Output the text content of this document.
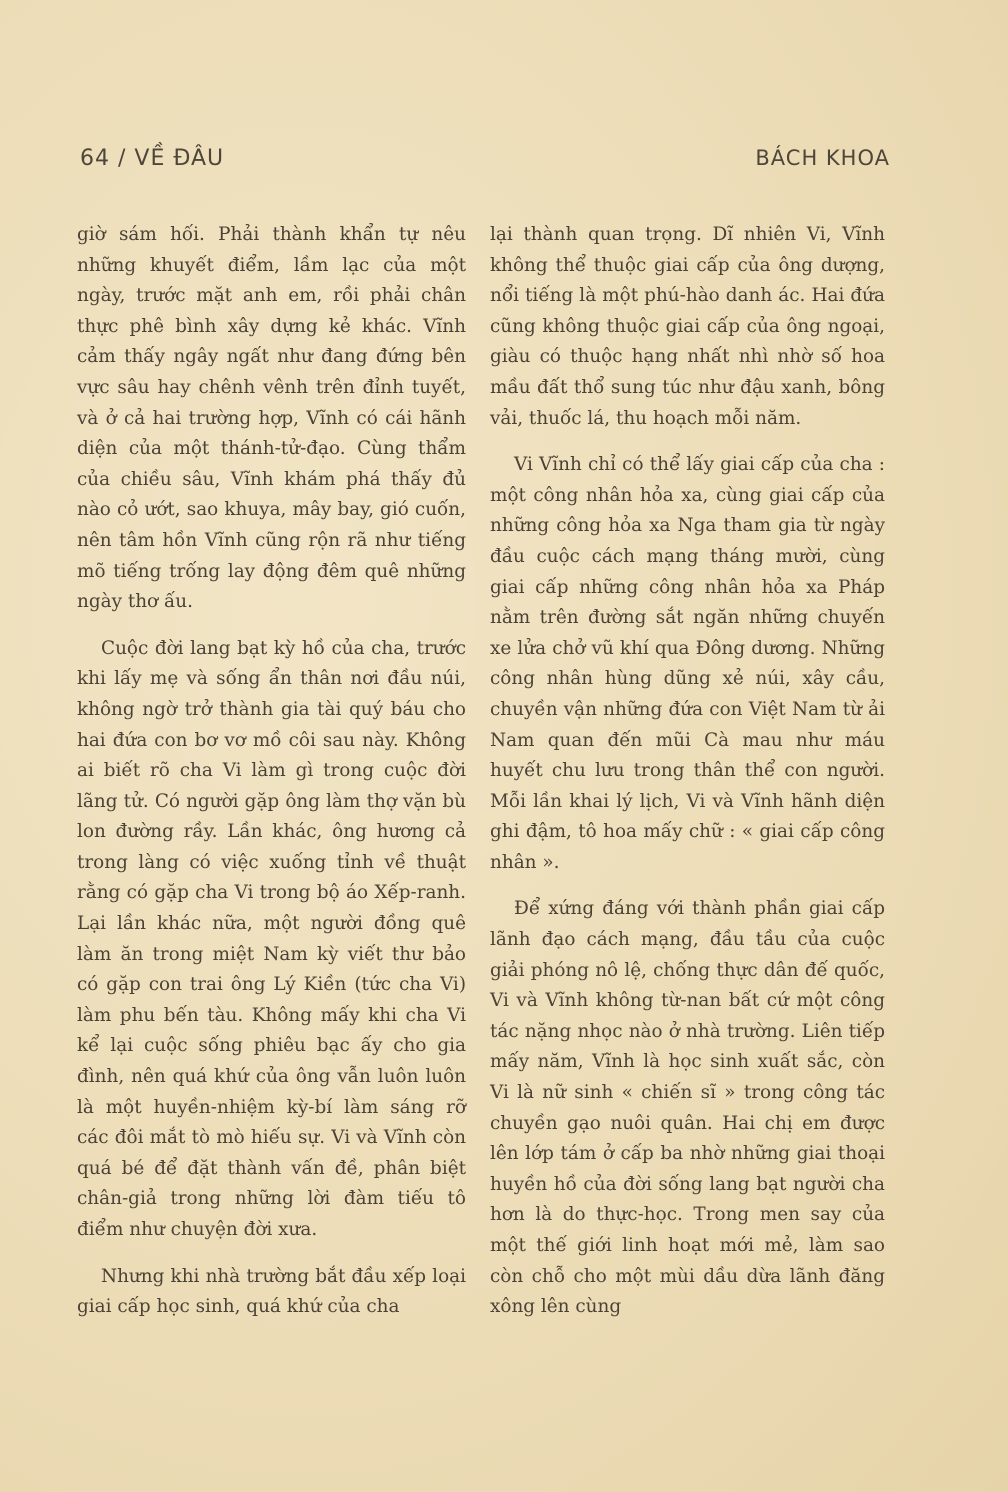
64 / VỀ ĐÂU	BÁCH KHOA

giờ sám hối. Phải thành khẩn tự nêu những khuyết điểm, lầm lạc của một ngày, trước mặt anh em, rồi phải chân thực phê bình xây dựng kẻ khác. Vĩnh cảm thấy ngây ngất như đang đứng bên vực sâu hay chênh vênh trên đỉnh tuyết, và ở cả hai trường hợp, Vĩnh có cái hãnh diện của một thánh-tử-đạo. Cùng thẩm của chiều sâu, Vĩnh khám phá thấy đủ nào cỏ ướt, sao khuya, mây bay, gió cuốn, nên tâm hồn Vĩnh cũng rộn rã như tiếng mõ tiếng trống lay động đêm quê những ngày thơ ấu.

Cuộc đời lang bạt kỳ hồ của cha, trước khi lấy mẹ và sống ẩn thân nơi đầu núi, không ngờ trở thành gia tài quý báu cho hai đứa con bơ vơ mồ côi sau này. Không ai biết rõ cha Vi làm gì trong cuộc đời lãng tử. Có người gặp ông làm thợ vặn bù lon đường rầy. Lần khác, ông hương cả trong làng có việc xuống tỉnh về thuật rằng có gặp cha Vi trong bộ áo Xếp-ranh. Lại lần khác nữa, một người đồng quê làm ăn trong miệt Nam kỳ viết thư bảo có gặp con trai ông Lý Kiền (tức cha Vi) làm phu bến tàu. Không mấy khi cha Vi kể lại cuộc sống phiêu bạc ấy cho gia đình, nên quá khứ của ông vẫn luôn luôn là một huyền-nhiệm kỳ-bí làm sáng rỡ các đôi mắt tò mò hiếu sự. Vi và Vĩnh còn quá bé để đặt thành vấn đề, phân biệt chân-giả trong những lời đàm tiếu tô điểm như chuyện đời xưa.

Nhưng khi nhà trường bắt đầu xếp loại giai cấp học sinh, quá khứ của cha

lại thành quan trọng. Dĩ nhiên Vi, Vĩnh không thể thuộc giai cấp của ông dượng, nổi tiếng là một phú-hào danh ác. Hai đứa cũng không thuộc giai cấp của ông ngoại, giàu có thuộc hạng nhất nhì nhờ số hoa mầu đất thổ sung túc như đậu xanh, bông vải, thuốc lá, thu hoạch mỗi năm.

Vi Vĩnh chỉ có thể lấy giai cấp của cha : một công nhân hỏa xa, cùng giai cấp của những công hỏa xa Nga tham gia từ ngày đầu cuộc cách mạng tháng mười, cùng giai cấp những công nhân hỏa xa Pháp nằm trên đường sắt ngăn những chuyến xe lửa chở vũ khí qua Đông dương. Những công nhân hùng dũng xẻ núi, xây cầu, chuyền vận những đứa con Việt Nam từ ải Nam quan đến mũi Cà mau như máu huyết chu lưu trong thân thể con người. Mỗi lần khai lý lịch, Vi và Vĩnh hãnh diện ghi đậm, tô hoa mấy chữ : « giai cấp công nhân ».

Để xứng đáng với thành phần giai cấp lãnh đạo cách mạng, đầu tầu của cuộc giải phóng nô lệ, chống thực dân đế quốc, Vi và Vĩnh không từ-nan bất cứ một công tác nặng nhọc nào ở nhà trường. Liên tiếp mấy năm, Vĩnh là học sinh xuất sắc, còn Vi là nữ sinh « chiến sĩ » trong công tác chuyền gạo nuôi quân. Hai chị em được lên lớp tám ở cấp ba nhờ những giai thoại huyền hồ của đời sống lang bạt người cha hơn là do thực-học. Trong men say của một thế giới linh hoạt mới mẻ, làm sao còn chỗ cho một mùi dầu dừa lãnh đăng xông lên cùng
